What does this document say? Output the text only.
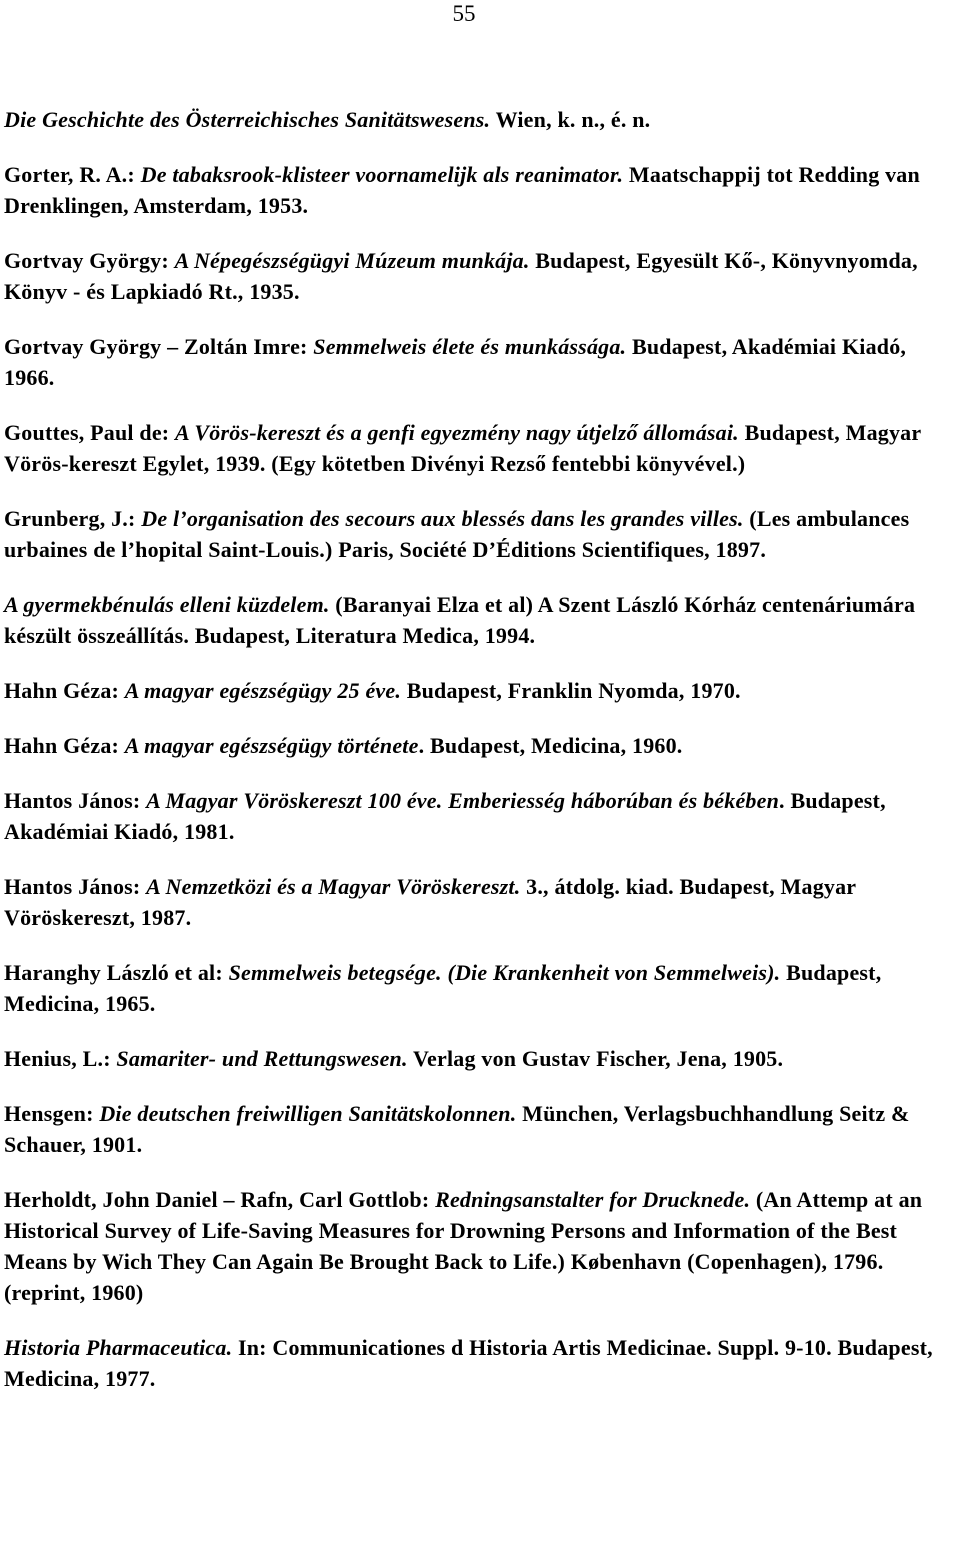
55

Die Geschichte des Österreichisches Sanitätswesens. Wien, k. n., é. n.

Gorter, R. A.: De tabaksrook-klisteer voornamelijk als reanimator. Maatschappij tot Redding van Drenklingen, Amsterdam, 1953.

Gortvay György: A Népegészségügyi Múzeum munkája. Budapest, Egyesült Kő-, Könyvnyomda, Könyv - és Lapkiadó Rt., 1935.

Gortvay György – Zoltán Imre: Semmelweis élete és munkássága. Budapest, Akadémiai Kiadó, 1966.

Gouttes, Paul de: A Vörös-kereszt és a genfi egyezmény nagy útjelző állomásai. Budapest, Magyar Vörös-kereszt Egylet, 1939. (Egy kötetben Divényi Rezső fentebbi könyvével.)

Grunberg, J.: De l’organisation des secours aux blessés dans les grandes villes. (Les ambulances urbaines de l’hopital Saint-Louis.) Paris, Société D’Éditions Scientifiques, 1897.

A gyermekbénulás elleni küzdelem. (Baranyai Elza et al) A Szent László Kórház centenáriumára készült összeállítás. Budapest, Literatura Medica, 1994.

Hahn Géza: A magyar egészségügy 25 éve. Budapest, Franklin Nyomda, 1970.

Hahn Géza: A magyar egészségügy története. Budapest, Medicina, 1960.

Hantos János: A Magyar Vöröskereszt 100 éve. Emberiesség háborúban és békében. Budapest, Akadémiai Kiadó, 1981.

Hantos János: A Nemzetközi és a Magyar Vöröskereszt. 3., átdolg. kiad. Budapest, Magyar Vöröskereszt, 1987.

Haranghy László et al: Semmelweis betegsége. (Die Krankenheit von Semmelweis). Budapest, Medicina, 1965.

Henius, L.: Samariter- und Rettungswesen. Verlag von Gustav Fischer, Jena, 1905.

Hensgen: Die deutschen freiwilligen Sanitätskolonnen. München, Verlagsbuchhandlung Seitz & Schauer, 1901.

Herholdt, John Daniel – Rafn, Carl Gottlob: Redningsanstalter for Drucknede. (An Attemp at an Historical Survey of Life-Saving Measures for Drowning Persons and Information of the Best Means by Wich They Can Again Be Brought Back to Life.) København (Copenhagen), 1796. (reprint, 1960)

Historia Pharmaceutica. In: Communicationes d Historia Artis Medicinae. Suppl. 9-10. Budapest, Medicina, 1977.
